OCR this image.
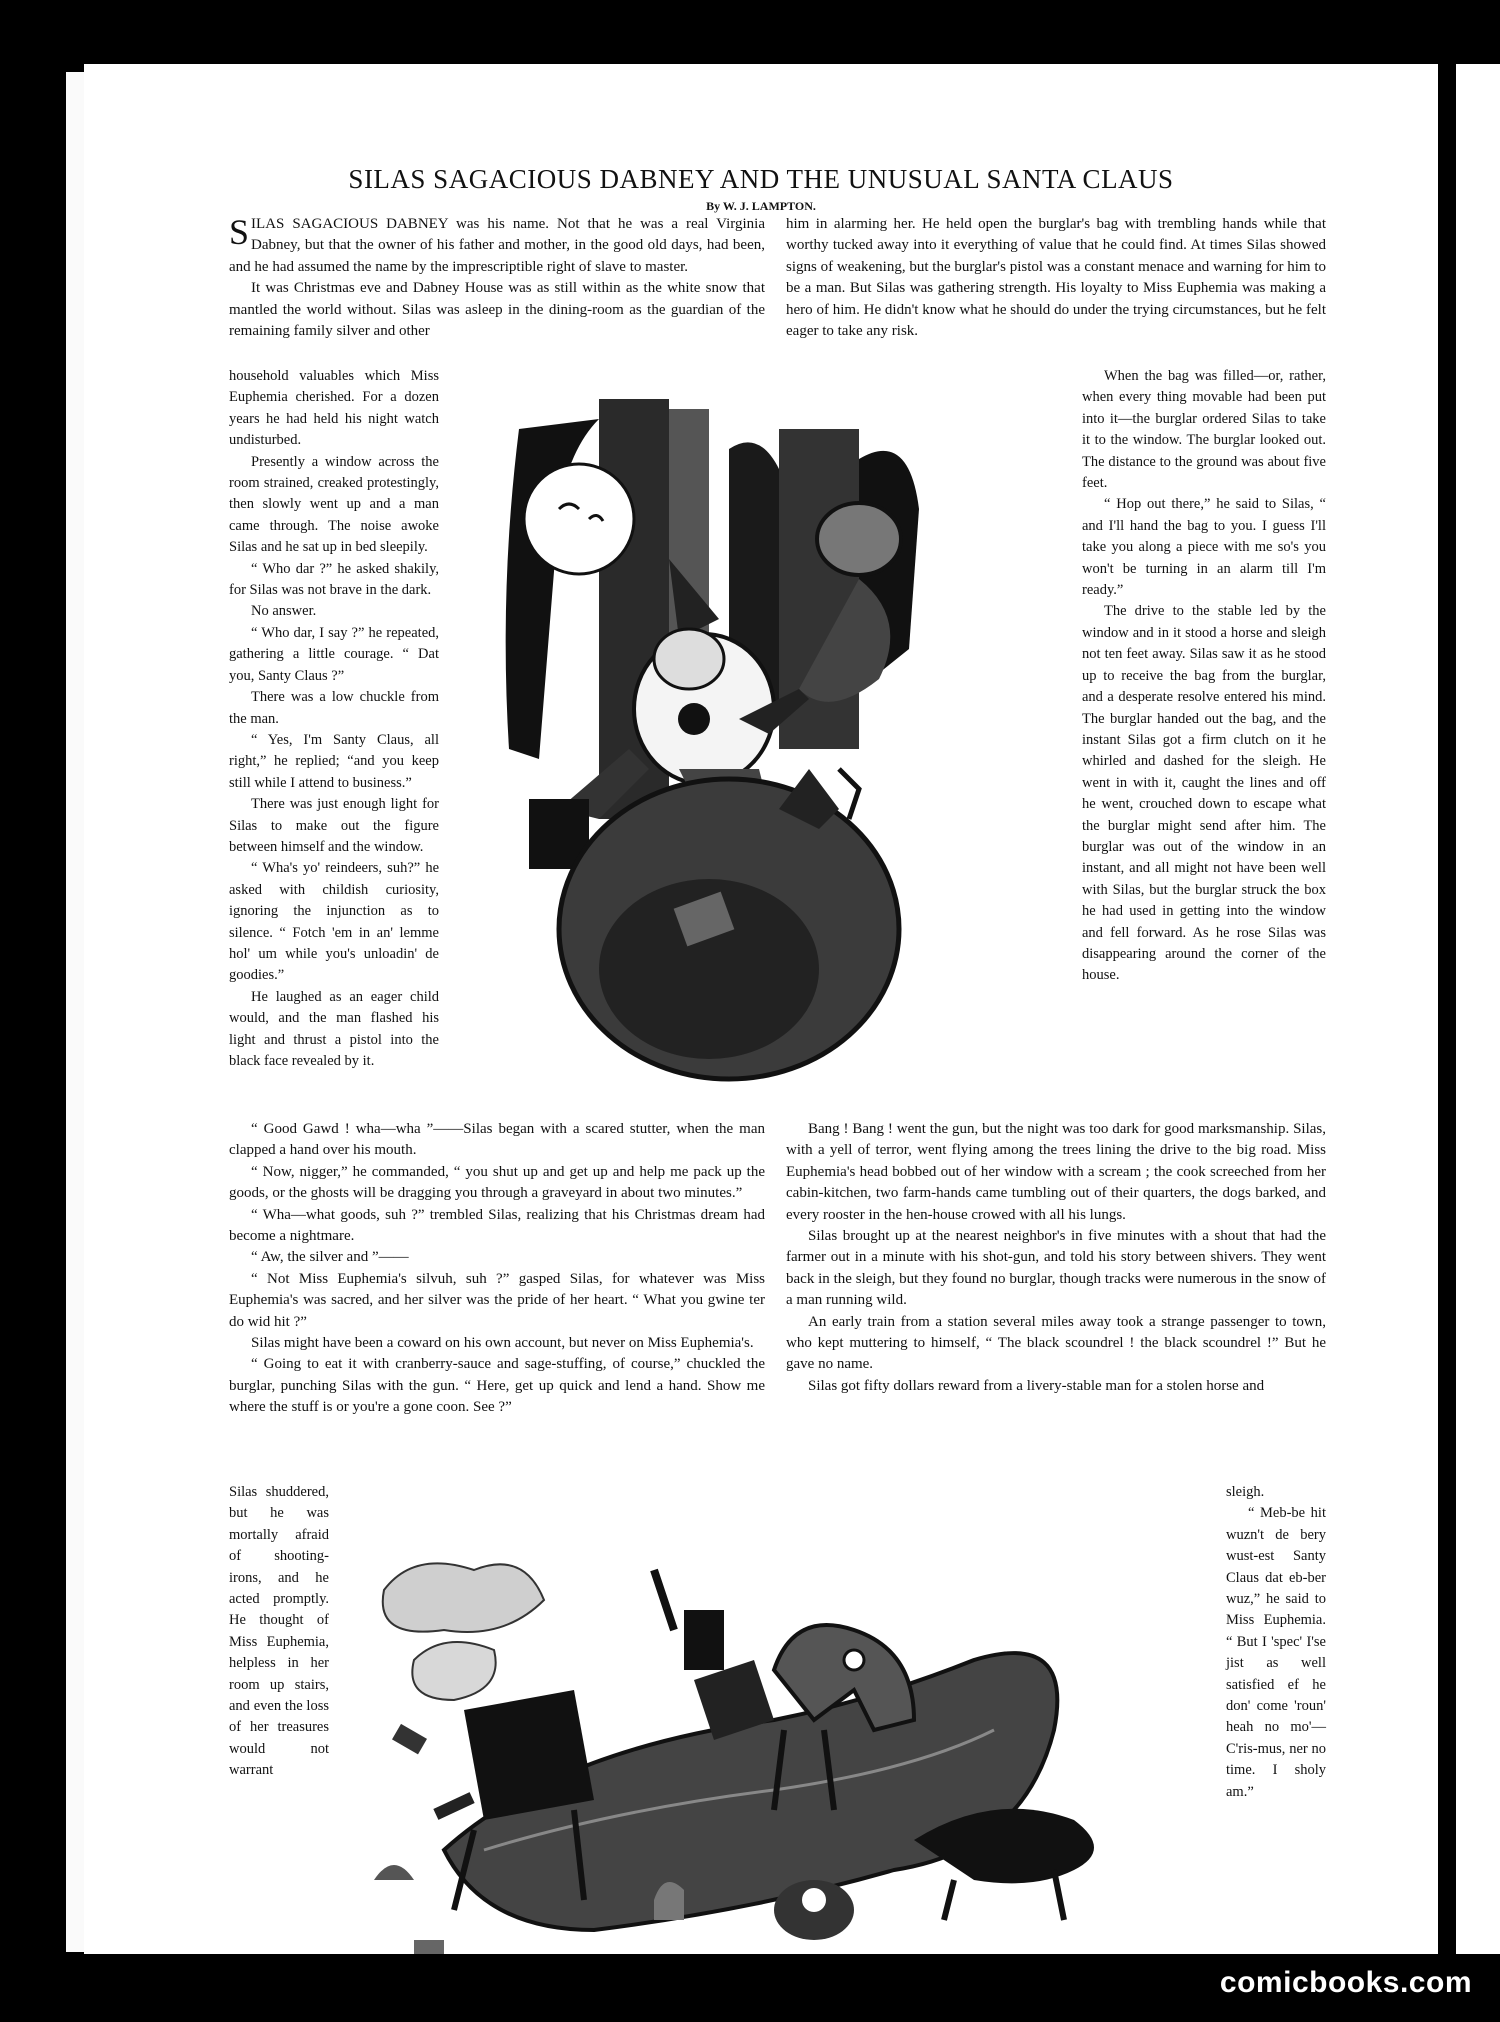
SILAS SAGACIOUS DABNEY AND THE UNUSUAL SANTA CLAUS
By W. J. LAMPTON.

SILAS SAGACIOUS DABNEY was his name. Not that he was a real Virginia Dabney, but that the owner of his father and mother, in the good old days, had been, and he had assumed the name by the imprescriptible right of slave to master.

It was Christmas eve and Dabney House was as still within as the white snow that mantled the world without. Silas was asleep in the dining-room as the guardian of the remaining family silver and other

household valuables which Miss Euphemia cherished. For a dozen years he had held his night watch undisturbed.

Presently a window across the room strained, creaked protestingly, then slowly went up and a man came through. The noise awoke Silas and he sat up in bed sleepily.

“ Who dar ?” he asked shakily, for Silas was not brave in the dark.

No answer.

“ Who dar, I say ?” he repeated, gathering a little courage. “ Dat you, Santy Claus ?”

There was a low chuckle from the man.

“ Yes, I'm Santy Claus, all right,” he replied; “and you keep still while I attend to business.”

There was just enough light for Silas to make out the figure between himself and the window.

“ Wha's yo' reindeers, suh?” he asked with childish curiosity, ignoring the injunction as to silence. “ Fotch 'em in an' lemme hol' um while you's unloadin' de goodies.”

He laughed as an eager child would, and the man flashed his light and thrust a pistol into the black face revealed by it.

“ Good Gawd ! wha—wha ”——Silas began with a scared stutter, when the man clapped a hand over his mouth.

“ Now, nigger,” he commanded, “ you shut up and get up and help me pack up the goods, or the ghosts will be dragging you through a graveyard in about two minutes.”

“ Wha—what goods, suh ?” trembled Silas, realizing that his Christmas dream had become a nightmare.

“ Aw, the silver and ”——

“ Not Miss Euphemia's silvuh, suh ?” gasped Silas, for whatever was Miss Euphemia's was sacred, and her silver was the pride of her heart. “ What you gwine ter do wid hit ?”

Silas might have been a coward on his own account, but never on Miss Euphemia's.

“ Going to eat it with cranberry-sauce and sage-stuffing, of course,” chuckled the burglar, punching Silas with the gun. “ Here, get up quick and lend a hand. Show me where the stuff is or you're a gone coon. See ?”

Silas shuddered, but he was mortally afraid of shooting-irons, and he acted promptly. He thought of Miss Euphemia, helpless in her room up stairs, and even the loss of her treasures would not warrant

him in alarming her. He held open the burglar's bag with trembling hands while that worthy tucked away into it everything of value that he could find. At times Silas showed signs of weakening, but the burglar's pistol was a constant menace and warning for him to be a man. But Silas was gathering strength. His loyalty to Miss Euphemia was making a hero of him. He didn't know what he should do under the trying circumstances, but he felt eager to take any risk.

When the bag was filled—or, rather, when every thing movable had been put into it—the burglar ordered Silas to take it to the window. The burglar looked out. The distance to the ground was about five feet.

“ Hop out there,” he said to Silas, “ and I'll hand the bag to you. I guess I'll take you along a piece with me so's you won't be turning in an alarm till I'm ready.”

The drive to the stable led by the window and in it stood a horse and sleigh not ten feet away. Silas saw it as he stood up to receive the bag from the burglar, and a desperate resolve entered his mind. The burglar handed out the bag, and the instant Silas got a firm clutch on it he whirled and dashed for the sleigh. He went in with it, caught the lines and off he went, crouched down to escape what the burglar might send after him. The burglar was out of the window in an instant, and all might not have been well with Silas, but the burglar struck the box he had used in getting into the window and fell forward. As he rose Silas was disappearing around the corner of the house.

Bang ! Bang ! went the gun, but the night was too dark for good marksmanship. Silas, with a yell of terror, went flying among the trees lining the drive to the big road. Miss Euphemia's head bobbed out of her window with a scream ; the cook screeched from her cabin-kitchen, two farm-hands came tumbling out of their quarters, the dogs barked, and every rooster in the hen-house crowed with all his lungs.

Silas brought up at the nearest neighbor's in five minutes with a shout that had the farmer out in a minute with his shot-gun, and told his story between shivers. They went back in the sleigh, but they found no burglar, though tracks were numerous in the snow of a man running wild.

An early train from a station several miles away took a strange passenger to town, who kept muttering to himself, “ The black scoundrel ! the black scoundrel !” But he gave no name.

Silas got fifty dollars reward from a livery-stable man for a stolen horse and

sleigh.

“ Meb-be hit wuzn't de bery wust-est Santy Claus dat eb-ber wuz,” he said to Miss Euphemia. “ But I 'spec' I'se jist as well satisfied ef he don' come 'roun' heah no mo'—C'ris-mus, ner no time. I sholy am.”

comicbooks.com
